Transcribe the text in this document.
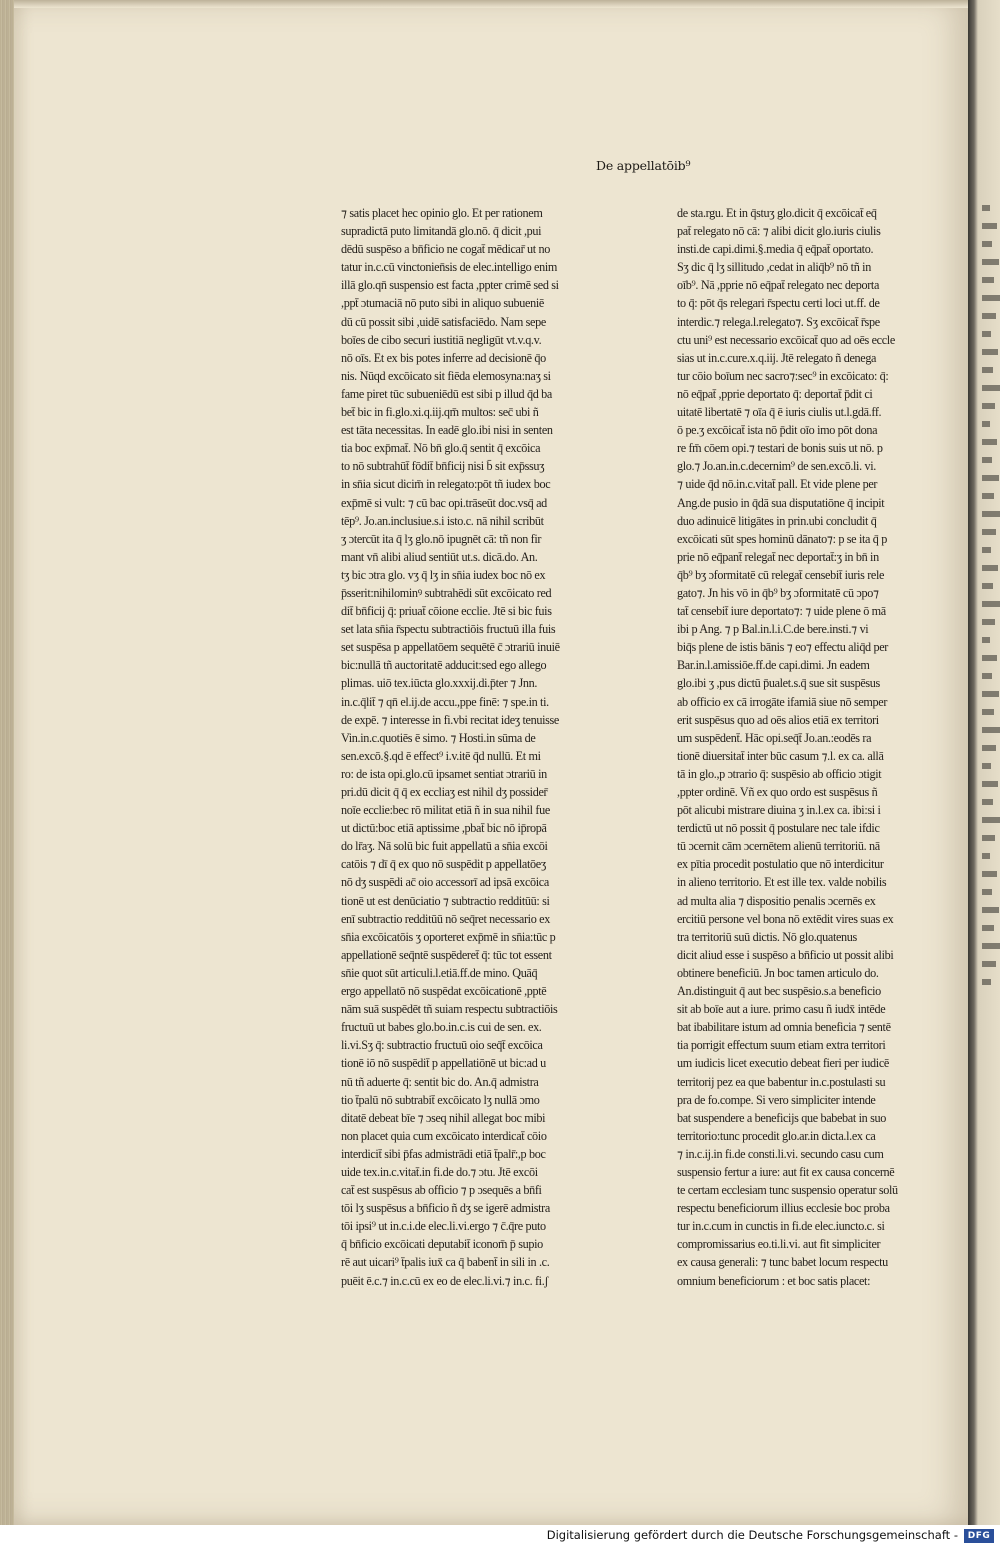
De appellatōib⁹
⁊ satis placet hec opinio glo. Et per rationem
supradictā puto limitandā glo.nō. q̄ dicit ,pui
dēdū suspēso a bn̄ficio ne cogat̄ mēdicar̄ ut no
tatur in.c.cū vinctonien̄sis de elec.intelligo enim
illā glo.qn̄ suspensio est facta ,ppter crimē sed si
,ppt̄ ɔtumaciā nō puto sibi in aliquo subueniē
dū cū possit sibi ,uidē satisfaciēdo. Nam sepe
boīes de cibo securi iustitiā negligūt vt.v.q.v.
nō oīs. Et ex bis potes inferre ad decisionē q̄o
nis. Nūqd excōicato sit fiēda elemosyna:naʒ si
fame piret tūc subueniēdū est sibi p illud q̄d ba
bet̄ bic in fi.glo.xi.q.iij.qm̄ multos: sec̄ ubi ñ
est tāta necessitas. In eadē glo.ibi nisi in senten
tia boc exp̄mat̄. Nō bn̄ glo.q̄ sentit q̄ excōica
to nō subtrahūt̄ fōdit̄ bn̄ficij nisi b̄ sit exp̄ssuʒ
in sn̄ia sicut dicim̄ in relegato:pōt tñ iudex boc
exp̄mē si vult: ⁊ cū bac opi.trāseūt doc.vsq̄ ad
tēp⁹. Jo.an.inclusiue.s.i isto.c. nā nihil scribūt
ʒ ɔtercūt ita q̄ lʒ glo.nō ipugnēt cā: tñ non fir
mant vn̄ alibi aliud sentiūt ut.s. dicā.do. An.
tʒ bic ɔtra glo. vʒ q̄ lʒ in sn̄ia iudex boc nō ex
p̄sserit:nihilominꝰ subtrahēdi sūt excōicato red
dit̄ bn̄ficij q̄: priuat̄ cōione ecclie. Jtē si bic fuis
set lata sn̄ia r̄spectu subtractiōis fructuū illa fuis
set suspēsa p appellatōem sequētē c̄ ɔtrariū inuiē
bic:nullā tñ auctoritatē adducit:sed ego allego
plimas. uiō tex.iūcta glo.xxxij.di.p̄ter ⁊ Jnn.
in.c.q̄lit̄ ⁊ qn̄ el.ij.de accu.,ppe finē: ⁊ spe.in ti.
de expē. ⁊ interesse in fi.vbi recitat ideʒ tenuisse
Vin.in.c.quotiēs ē simo. ⁊ Hosti.in sūma de
sen.excō.§.qd ē effect⁹ i.v.itē q̄d nullū. Et mi
ro: de ista opi.glo.cū ipsamet sentiat ɔtrariū in
pri.dū dicit q̄ q̄ ex eccliaʒ est nihil dʒ possider̄
noīe ecclie:bec rō militat etiā ñ in sua nihil fue
ut dictū:boc etiā aptissime ,pbat̄ bic nō ip̄ropā
do lr̄aʒ. Nā solū bic fuit appellatū a sn̄ia excōi
catōis ⁊ dī q̄ ex quo nō suspēdit p appellatōeʒ
nō dʒ suspēdi ac̄ oio accessorī ad ipsā excōica
tionē ut est denūciatio ⁊ subtractio redditūū: si
enī subtractio redditūū nō seq̄ret necessario ex
sn̄ia excōicatōis ʒ oporteret exp̄mē in sn̄ia:tūc p
appellationē seq̄ntē suspēderet̄ q̄: tūc tot essent
sn̄ie quot sūt articuli.l.etiā.ff.de mino. Quāq̄
ergo appellatō nō suspēdat excōicationē ,pptē
nām suā suspēdēt tñ suiam respectu subtractiōis
fructuū ut babes glo.bo.in.c.is cui de sen. ex.
li.vi.Sʒ q̄: subtractio fructuū oio seq̄t̄ excōica
tionē iō nō suspēdit̄ p appellatiōnē ut bic:ad u
nū tñ aduerte q̄: sentit bic do. An.q̄ admistra
tio t̄palū nō subtrabit̄ excōicato lʒ nullā ɔmo
ditatē debeat bīe ⁊ ɔseq nihil allegat boc mibi
non placet quia cum excōicato interdicat̄ cōio
interdicit̄ sibi p̄fas admistrādi etiā t̄palr̄:,p boc
uide tex.in.c.vitat̄.in fi.de do.⁊ ɔtu. Jtē excōi
cat̄ est suspēsus ab officio ⁊ p ɔsequēs a bn̄fi
tōi lʒ suspēsus a bn̄ficio ñ dʒ se igerē admistra
tōi ipsi⁹ ut in.c.i.de elec.li.vi.ergo ⁊ c̄.q̄re puto
q̄ bn̄ficio excōicati deputabit̄ iconom̄ p̄ supio
rē aut uicari⁹ t̄palis iux̄ ca q̄ babent̄ in sili in .c.
puēit ē.c.⁊ in.c.cū ex eo de elec.li.vi.⁊ in.c. fi.ʃ
de sta.rgu. Et in q̄stuʒ glo.dicit q̄ excōicat̄ eq̄
pat̄ relegato nō cā: ⁊ alibi dicit glo.iuris ciulis
insti.de capi.dimi.§.media q̄ eq̄pat̄ oportato.
Sʒ dic q̄ lʒ sillitudo ,cedat in aliq̄b⁹ nō tñ in
oīb⁹. Nā ,pprie nō eq̄pat̄ relegato nec deporta
to q̄: pōt q̄s relegari r̄spectu certi loci ut.ff. de
interdic.⁊ relega.l.relegato⁊. Sʒ excōicat̄ r̄spe
ctu uni⁹ est necessario excōicat̄ quo ad oēs eccle
sias ut in.c.cure.x.q.iij. Jtē relegato ñ denega
tur cōio boīum nec sacro⁊:sec⁹ in excōicato: q̄:
nō eq̄pat̄ ,pprie deportato q̄: deportat̄ p̄dit ci
uitatē libertatē ⁊ oīa q̄ ē iuris ciulis ut.l.gdā.ff.
ō pe.ʒ excōicat̄ ista nō p̄dit oīo imo pōt dona
re fm̄ cōem opi.⁊ testari de bonis suis ut nō. p
glo.⁊ Jo.an.in.c.decernim⁹ de sen.excō.li. vi.
⁊ uide q̄d nō.in.c.vitat̄ pall. Et vide plene per
Ang.de pusio in q̄dā sua disputatiōne q̄ incipit
duo adinuicē litigātes in prin.ubi concludit q̄
excōicati sūt spes hominū dānato⁊: p se ita q̄ p
prie nō eq̄pant̄ relegat̄ nec deportat̄:ʒ in bn̄ in
q̄b⁹ bʒ ɔformitatē cū relegat̄ censebit̄ iuris rele
gato⁊. Jn his vō in q̄b⁹ bʒ ɔformitatē cū ɔpo⁊
tat̄ censebit̄ iure deportato⁊: ⁊ uide plene ō mā
ibi p Ang. ⁊ p Bal.in.l.i.C.de bere.insti.⁊ vi
biq̄s plene de istis bānis ⁊ eo⁊ effectu aliq̄d per
Bar.in.l.amissiōe.ff.de capi.dimi. Jn eadem
glo.ibi ʒ ,pus dictū p̄ualet.s.q̄ sue sit suspēsus
ab officio ex cā irrogāte ifamiā siue nō semper
erit suspēsus quo ad oēs alios etiā ex territori
um suspēdent̄. Hāc opi.seq̄t̄ Jo.an.:eodēs ra
tionē diuersitat̄ inter būc casum ⁊.l. ex ca. allā
tā in glo.,p ɔtrario q̄: suspēsio ab officio ɔtigit
,ppter ordinē. Vñ ex quo ordo est suspēsus ñ
pōt alicubi mistrare diuina ʒ in.l.ex ca. ibi:si i
terdictū ut nō possit q̄ postulare nec tale ifdic
tū ɔcernit cām ɔcernētem alienū territoriū. nā
ex pītia procedit postulatio que nō interdicitur
in alieno territorio. Et est ille tex. valde nobilis
ad multa alia ⁊ dispositio penalis ɔcernēs ex
ercitiū persone vel bona nō extēdit vires suas ex
tra territoriū suū dictis. Nō glo.quatenus
dicit aliud esse i suspēso a bn̄ficio ut possit alibi
obtinere beneficiū. Jn boc tamen articulo do.
An.distinguit q̄ aut bec suspēsio.s.a beneficio
sit ab boīe aut a iure. primo casu ñ iudx̄ intēde
bat ibabilitare istum ad omnia beneficia ⁊ sentē
tia porrigit effectum suum etiam extra territori
um iudicis licet executio debeat fieri per iudicē
territorij pez ea que babentur in.c.postulasti su
pra de fo.compe. Si vero simpliciter intende
bat suspendere a beneficijs que babebat in suo
territorio:tunc procedit glo.ar.in dicta.l.ex ca
⁊ in.c.ij.in fi.de consti.li.vi. secundo casu cum
suspensio fertur a iure: aut fit ex causa concernē
te certam ecclesiam tunc suspensio operatur solū
respectu beneficiorum illius ecclesie boc proba
tur in.c.cum in cunctis in fi.de elec.iuncto.c. si
compromissarius eo.ti.li.vi. aut fit simpliciter
ex causa generali: ⁊ tunc babet locum respectu
omnium beneficiorum : et boc satis placet:
Digitalisierung gefördert durch die Deutsche Forschungsgemeinschaft -	DFG
